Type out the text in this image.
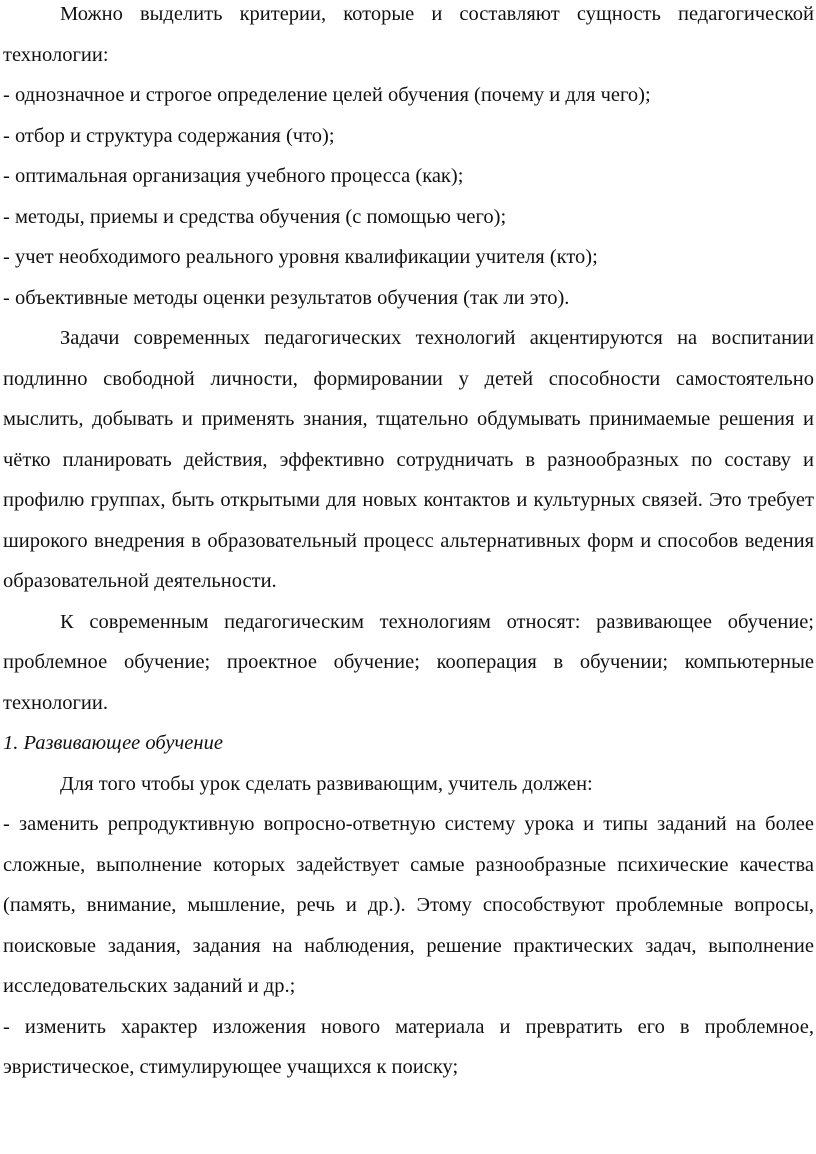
Можно выделить критерии, которые и составляют сущность педагогической технологии:

- однозначное и строгое определение целей обучения (почему и для чего);

- отбор и структура содержания (что);

- оптимальная организация учебного процесса (как);

- методы, приемы и средства обучения (с помощью чего);

- учет необходимого реального уровня квалификации учителя (кто);

- объективные методы оценки результатов обучения (так ли это).

Задачи современных педагогических технологий акцентируются на воспитании подлинно свободной личности, формировании у детей способности самостоятельно мыслить, добывать и применять знания, тщательно обдумывать принимаемые решения и чётко планировать действия, эффективно сотрудничать в разнообразных по составу и профилю группах, быть открытыми для новых контактов и культурных связей. Это требует широкого внедрения в образовательный процесс альтернативных форм и способов ведения образовательной деятельности.

К современным педагогическим технологиям относят: развивающее обучение; проблемное обучение; проектное обучение; кооперация в обучении; компьютерные технологии.

1. Развивающее обучение

Для того чтобы урок сделать развивающим, учитель должен:

- заменить репродуктивную вопросно-ответную систему урока и типы заданий на более сложные, выполнение которых задействует самые разнообразные психические качества (память, внимание, мышление, речь и др.). Этому способствуют проблемные вопросы, поисковые задания, задания на наблюдения, решение практических задач, выполнение исследовательских заданий и др.;

- изменить характер изложения нового материала и превратить его в проблемное, эвристическое, стимулирующее учащихся к поиску;
